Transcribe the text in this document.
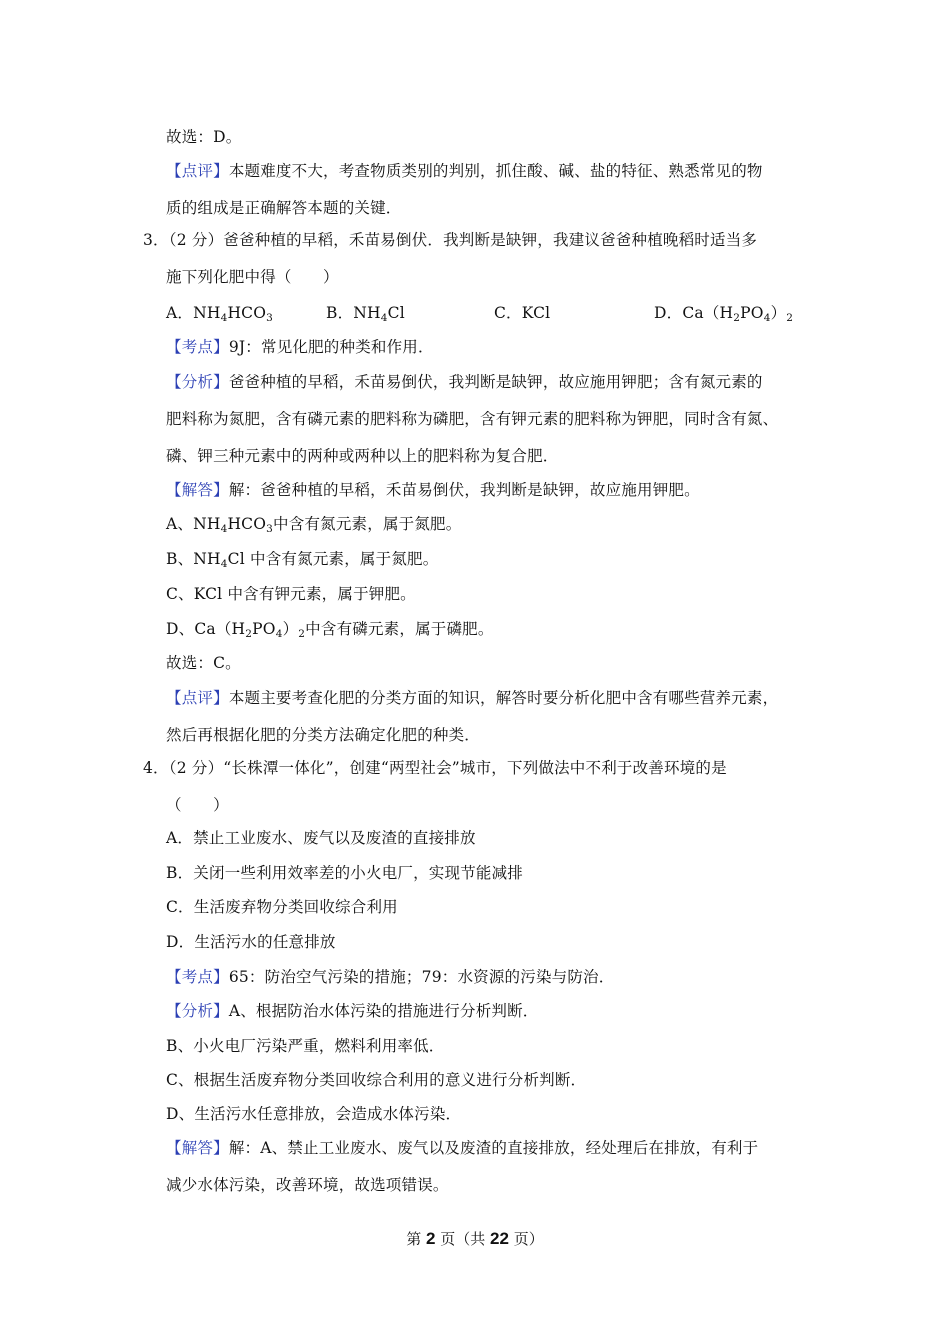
故选：D。
【点评】本题难度不大，考查物质类别的判别，抓住酸、碱、盐的特征、熟悉常见的物
质的组成是正确解答本题的关键．
3．（2 分）爸爸种植的早稻，禾苗易倒伏．我判断是缺钾，我建议爸爸种植晚稻时适当多
施下列化肥中得（　　）
A．$NH_4HCO_3$	B．$NH_4Cl$	C．KCl	D．$Ca(H_2PO_4)_2$
【考点】9J：常见化肥的种类和作用．
【分析】爸爸种植的早稻，禾苗易倒伏，我判断是缺钾，故应施用钾肥；含有氮元素的
肥料称为氮肥，含有磷元素的肥料称为磷肥，含有钾元素的肥料称为钾肥，同时含有氮、
磷、钾三种元素中的两种或两种以上的肥料称为复合肥．
【解答】解：爸爸种植的早稻，禾苗易倒伏，我判断是缺钾，故应施用钾肥。
A、$NH_4HCO_3$中含有氮元素，属于氮肥。
B、$NH_4Cl$ 中含有氮元素，属于氮肥。
C、KCl 中含有钾元素，属于钾肥。
D、$Ca(H_2PO_4)_2$中含有磷元素，属于磷肥。
故选：C。
【点评】本题主要考查化肥的分类方面的知识，解答时要分析化肥中含有哪些营养元素，
然后再根据化肥的分类方法确定化肥的种类．
4．（2 分）“长株潭一体化”，创建“两型社会”城市，下列做法中不利于改善环境的是
（　　）
A．禁止工业废水、废气以及废渣的直接排放
B．关闭一些利用效率差的小火电厂，实现节能减排
C．生活废弃物分类回收综合利用
D．生活污水的任意排放
【考点】65：防治空气污染的措施；79：水资源的污染与防治．
【分析】A、根据防治水体污染的措施进行分析判断．
B、小火电厂污染严重，燃料利用率低．
C、根据生活废弃物分类回收综合利用的意义进行分析判断．
D、生活污水任意排放，会造成水体污染．
【解答】解：A、禁止工业废水、废气以及废渣的直接排放，经处理后在排放，有利于
减少水体污染，改善环境，故选项错误。
第 2 页（共 22 页）
